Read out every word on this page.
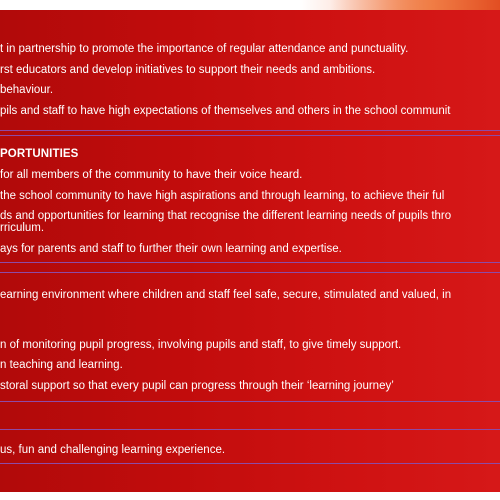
t in partnership to promote the importance of regular attendance and punctuality.
rst educators and develop initiatives to support their needs and ambitions.
behaviour.
pils and staff to have high expectations of themselves and others in the school communit
PORTUNITIES
for all members of the community to have their voice heard.
the school community to have high aspirations and through learning, to achieve their ful
ds and opportunities for learning that recognise the different learning needs of pupils thro
rriculum.
ays for parents and staff to further their own learning and expertise.
earning environment where children and staff feel safe, secure, stimulated and valued, in
n of monitoring pupil progress, involving pupils and staff, to give timely support.
n teaching and learning.
storal support so that every pupil can progress through their ‘learning journey’
us, fun and challenging learning experience.
